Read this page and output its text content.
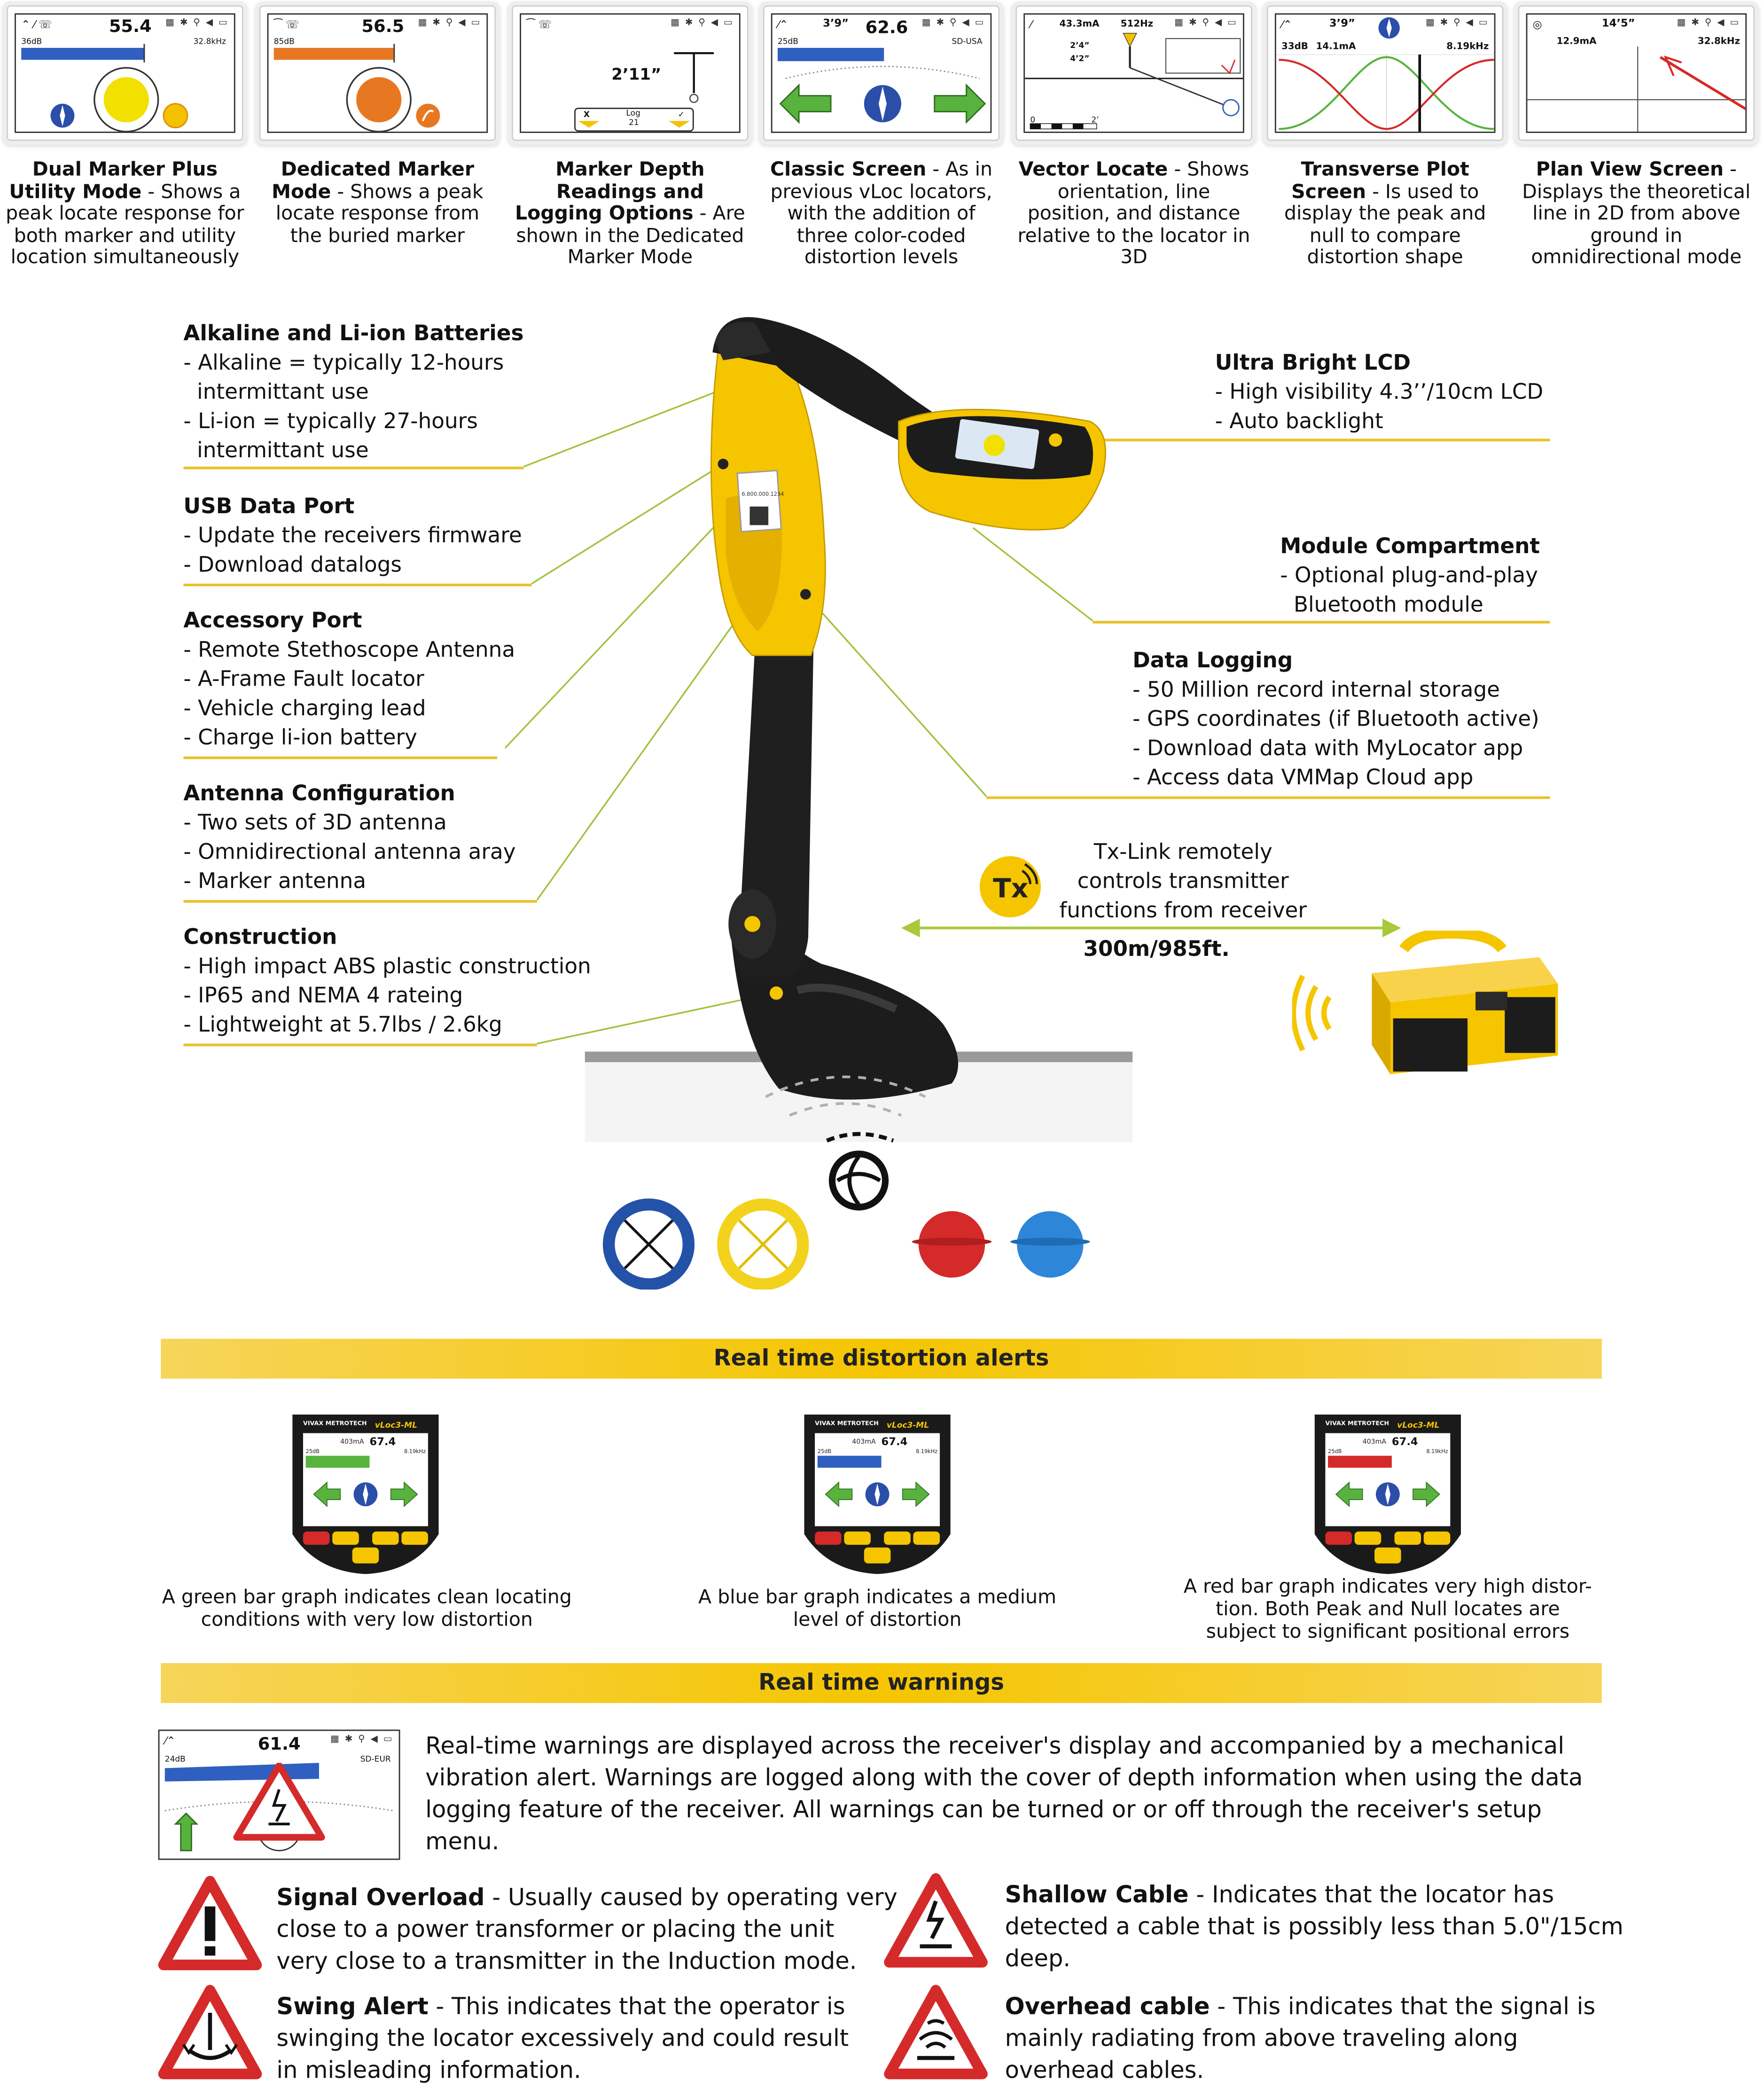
⌃ ⁄ ☏	55.4	▦ ✱ ⚲ ◀ ▭
36dB	32.8kHz
Dual Marker Plus Utility Mode - Shows a peak locate response for both marker and utility location simultaneously
⁀ ☏	56.5	▦ ✱ ⚲ ◀ ▭
85dB
Dedicated Marker Mode - Shows a peak locate response from the buried marker
⁀ ☏	▦ ✱ ⚲ ◀ ▭
2’11”
X	Log
21
✓
Marker Depth Readings and Logging Options - Are shown in the Dedicated Marker Mode
⁄⌃	3’9”	62.6	▦ ✱ ⚲ ◀ ▭
25dB	SD-USA
Classic Screen - As in previous vLoc locators, with the addition of three color-coded distortion levels
⁄	43.3mA	512Hz	▦ ✱ ⚲ ◀ ▭
2’4”
4’2”
0	2’
Vector Locate - Shows orientation, line position, and distance relative to the locator in 3D
⁄⌃	3’9”	▦ ✱ ⚲ ◀ ▭
33dB 14.1mA	8.19kHz
Transverse Plot Screen - Is used to display the peak and null to compare distortion shape
◎	14’5”	▦ ✱ ⚲ ◀ ▭
12.9mA	32.8kHz
Plan View Screen - Displays the theoretical line in 2D from above ground in omnidirectional mode
Alkaline and Li-ion Batteries
- Alkaline = typically 12-hours
intermittant use
- Li-ion = typically 27-hours
intermittant use
USB Data Port
- Update the receivers firmware
- Download datalogs
Accessory Port
- Remote Stethoscope Antenna
- A-Frame Fault locator
- Vehicle charging lead
- Charge li-ion battery
Antenna Configuration
- Two sets of 3D antenna
- Omnidirectional antenna aray
- Marker antenna
Construction
- High impact ABS plastic construction
- IP65 and NEMA 4 rateing
- Lightweight at 5.7lbs / 2.6kg
Ultra Bright LCD
- High visibility 4.3’’/10cm LCD
- Auto backlight
Module Compartment
- Optional plug-and-play
Bluetooth module
Data Logging
- 50 Million record internal storage
- GPS coordinates (if Bluetooth active)
- Download data with MyLocator app
- Access data VMMap Cloud app
6.800.000.1234
Tx
Tx-Link remotely
controls transmitter
functions from receiver
300m/985ft.
Real time distortion alerts
VIVAX METROTECH	vLoc3-ML
403mA 67.4
25dB	8.19kHz
A green bar graph indicates clean locating
conditions with very low distortion
VIVAX METROTECH	vLoc3-ML
403mA 67.4
25dB	8.19kHz
A blue bar graph indicates a medium
level of distortion
VIVAX METROTECH	vLoc3-ML
403mA 67.4
25dB	8.19kHz
A red bar graph indicates very high distor-
tion. Both Peak and Null locates are
subject to significant positional errors
Real time warnings
⁄⌃	61.4	▦ ✱ ⚲ ◀ ▭
24dB	SD-EUR	Real-time warnings are displayed across the receiver's display and accompanied by a mechanical
vibration alert. Warnings are logged along with the cover of depth information when using the data
logging feature of the receiver. All warnings can be turned or or off through the receiver's setup
menu.
Signal Overload - Usually caused by operating very
close to a power transformer or placing the unit
very close to a transmitter in the Induction mode.
Shallow Cable - Indicates that the locator has
detected a cable that is possibly less than 5.0"/15cm
deep.
Swing Alert - This indicates that the operator is
swinging the locator excessively and could result
in misleading information.
Overhead cable - This indicates that the signal is
mainly radiating from above traveling along
overhead cables.
